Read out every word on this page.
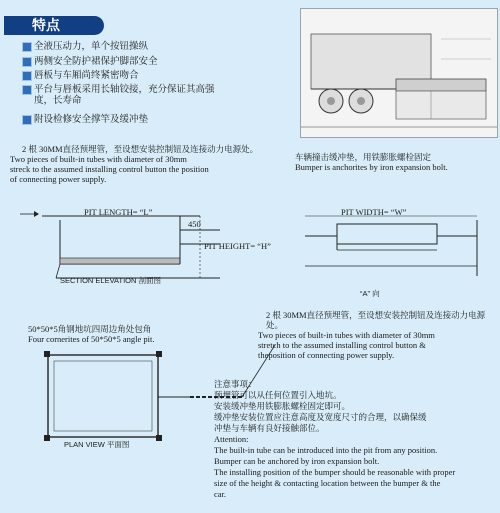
特点
全液压动力，单个按钮操纵
两侧安全防护裙保护脚部安全
唇板与车厢尚终紧密吻合
平台与唇板采用长轴铰接，充分保证其高强度，长寿命
附设检修安全撑竿及缓冲垫
2 根 30MM直径预埋管，至设想安装控制钮及连接动力电源处。
Two pieces of built-in tubes with diameter of 30mm
streck to the assumed installing control button the position
of connecting power supply.
车辆撞击缓冲垫，用铁膨胀螺栓固定
Bumper is anchorites by iron expansion bolt.
PIT LENGTH= “L”
450
PIT HEIGHT= “H”
SECTION ELEVATION 剖面图
PIT WIDTH= “W”
“A” 向
50*50*5角钢地坑四周边角处包角
Four cornerites of 50*50*5 angle pit.
PLAN VIEW 平面图
2 根 30MM直径预埋管，至设想安装控制钮及连接动力电源处。
Two pieces of built-in tubes with diameter of 30mm
stretch to the assumed installing control button &
theposition of connecting power supply.
注意事项：
预埋管可以从任何位置引入地坑。
安装缓冲垫用铁膨胀螺栓固定即可。
缓冲垫安装位置应注意高度及宽度尺寸的合理，以确保缓
冲垫与车辆有良好接触部位。
Attention:
The built-in tube can be introduced into the pit from any position.
Bumper can be anchored by iron expansion bolt.
The installing position of the bumper should be reasonable with proper
size of the height & contacting location between the bumper & the
car.
